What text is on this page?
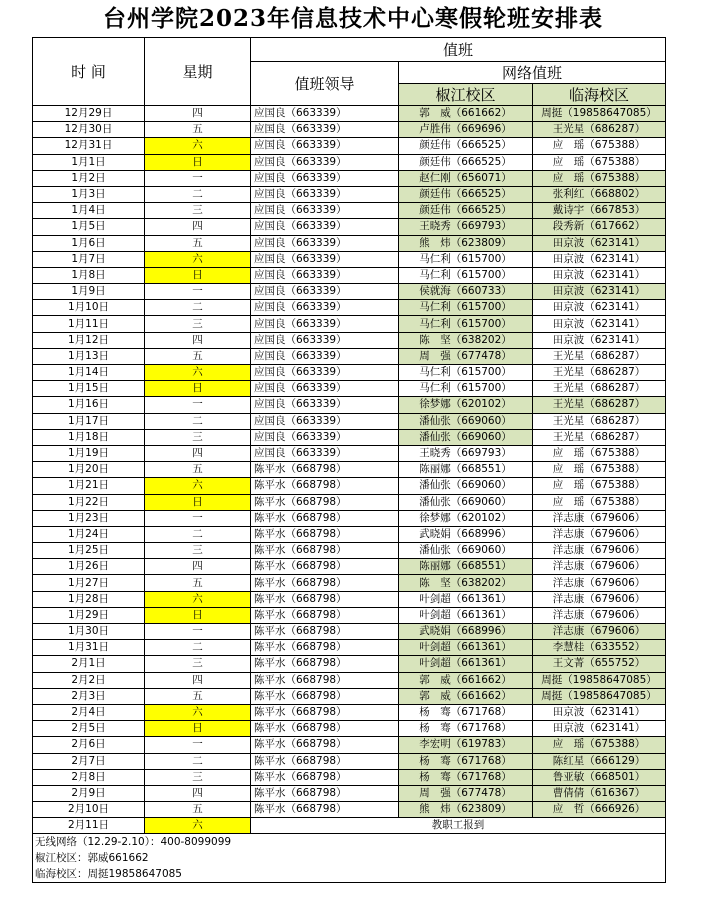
台州学院2023年信息技术中心寒假轮班安排表
时 间	星期	值班		
		值班领导	网络值班	
			椒江校区	临海校区
12月29日	四	应国良（663339）	郭　威（661662）	周挺（19858647085）
12月30日	五	应国良（663339）	卢胜伟（669696）	王光星（686287）
12月31日	六	应国良（663339）	颜廷伟（666525）	应　瑶（675388）
1月1日	日	应国良（663339）	颜廷伟（666525）	应　瑶（675388）
1月2日	一	应国良（663339）	赵仁刚（656071）	应　瑶（675388）
1月3日	二	应国良（663339）	颜廷伟（666525）	张利红（668802）
1月4日	三	应国良（663339）	颜廷伟（666525）	戴诗宇（667853）
1月5日	四	应国良（663339）	王晓秀（669793）	段秀新（617662）
1月6日	五	应国良（663339）	熊　炜（623809）	田京波（623141）
1月7日	六	应国良（663339）	马仁利（615700）	田京波（623141）
1月8日	日	应国良（663339）	马仁利（615700）	田京波（623141）
1月9日	一	应国良（663339）	侯就海（660733）	田京波（623141）
1月10日	二	应国良（663339）	马仁利（615700）	田京波（623141）
1月11日	三	应国良（663339）	马仁利（615700）	田京波（623141）
1月12日	四	应国良（663339）	陈　坚（638202）	田京波（623141）
1月13日	五	应国良（663339）	周　强（677478）	王光星（686287）
1月14日	六	应国良（663339）	马仁利（615700）	王光星（686287）
1月15日	日	应国良（663339）	马仁利（615700）	王光星（686287）
1月16日	一	应国良（663339）	徐梦娜（620102）	王光星（686287）
1月17日	二	应国良（663339）	潘仙张（669060）	王光星（686287）
1月18日	三	应国良（663339）	潘仙张（669060）	王光星（686287）
1月19日	四	应国良（663339）	王晓秀（669793）	应　瑶（675388）
1月20日	五	陈平水（668798）	陈丽娜（668551）	应　瑶（675388）
1月21日	六	陈平水（668798）	潘仙张（669060）	应　瑶（675388）
1月22日	日	陈平水（668798）	潘仙张（669060）	应　瑶（675388）
1月23日	一	陈平水（668798）	徐梦娜（620102）	洋志康（679606）
1月24日	二	陈平水（668798）	武晓娟（668996）	洋志康（679606）
1月25日	三	陈平水（668798）	潘仙张（669060）	洋志康（679606）
1月26日	四	陈平水（668798）	陈丽娜（668551）	洋志康（679606）
1月27日	五	陈平水（668798）	陈　坚（638202）	洋志康（679606）
1月28日	六	陈平水（668798）	叶剑超（661361）	洋志康（679606）
1月29日	日	陈平水（668798）	叶剑超（661361）	洋志康（679606）
1月30日	一	陈平水（668798）	武晓娟（668996）	洋志康（679606）
1月31日	二	陈平水（668798）	叶剑超（661361）	李慧桂（633552）
2月1日	三	陈平水（668798）	叶剑超（661361）	王文菁（655752）
2月2日	四	陈平水（668798）	郭　威（661662）	周挺（19858647085）
2月3日	五	陈平水（668798）	郭　威（661662）	周挺（19858647085）
2月4日	六	陈平水（668798）	杨　骞（671768）	田京波（623141）
2月5日	日	陈平水（668798）	杨　骞（671768）	田京波（623141）
2月6日	一	陈平水（668798）	李宏明（619783）	应　瑶（675388）
2月7日	二	陈平水（668798）	杨　骞（671768）	陈红星（666129）
2月8日	三	陈平水（668798）	杨　骞（671768）	鲁亚敏（668501）
2月9日	四	陈平水（668798）	周　强（677478）	曹倩倩（616367）
2月10日	五	陈平水（668798）	熊　炜（623809）	应　哲（666926）
2月11日	六	教职工报到		

无线网络（12.29-2.10）：400-8099099
椒江校区：郭威661662
临海校区：周挺19858647085				
